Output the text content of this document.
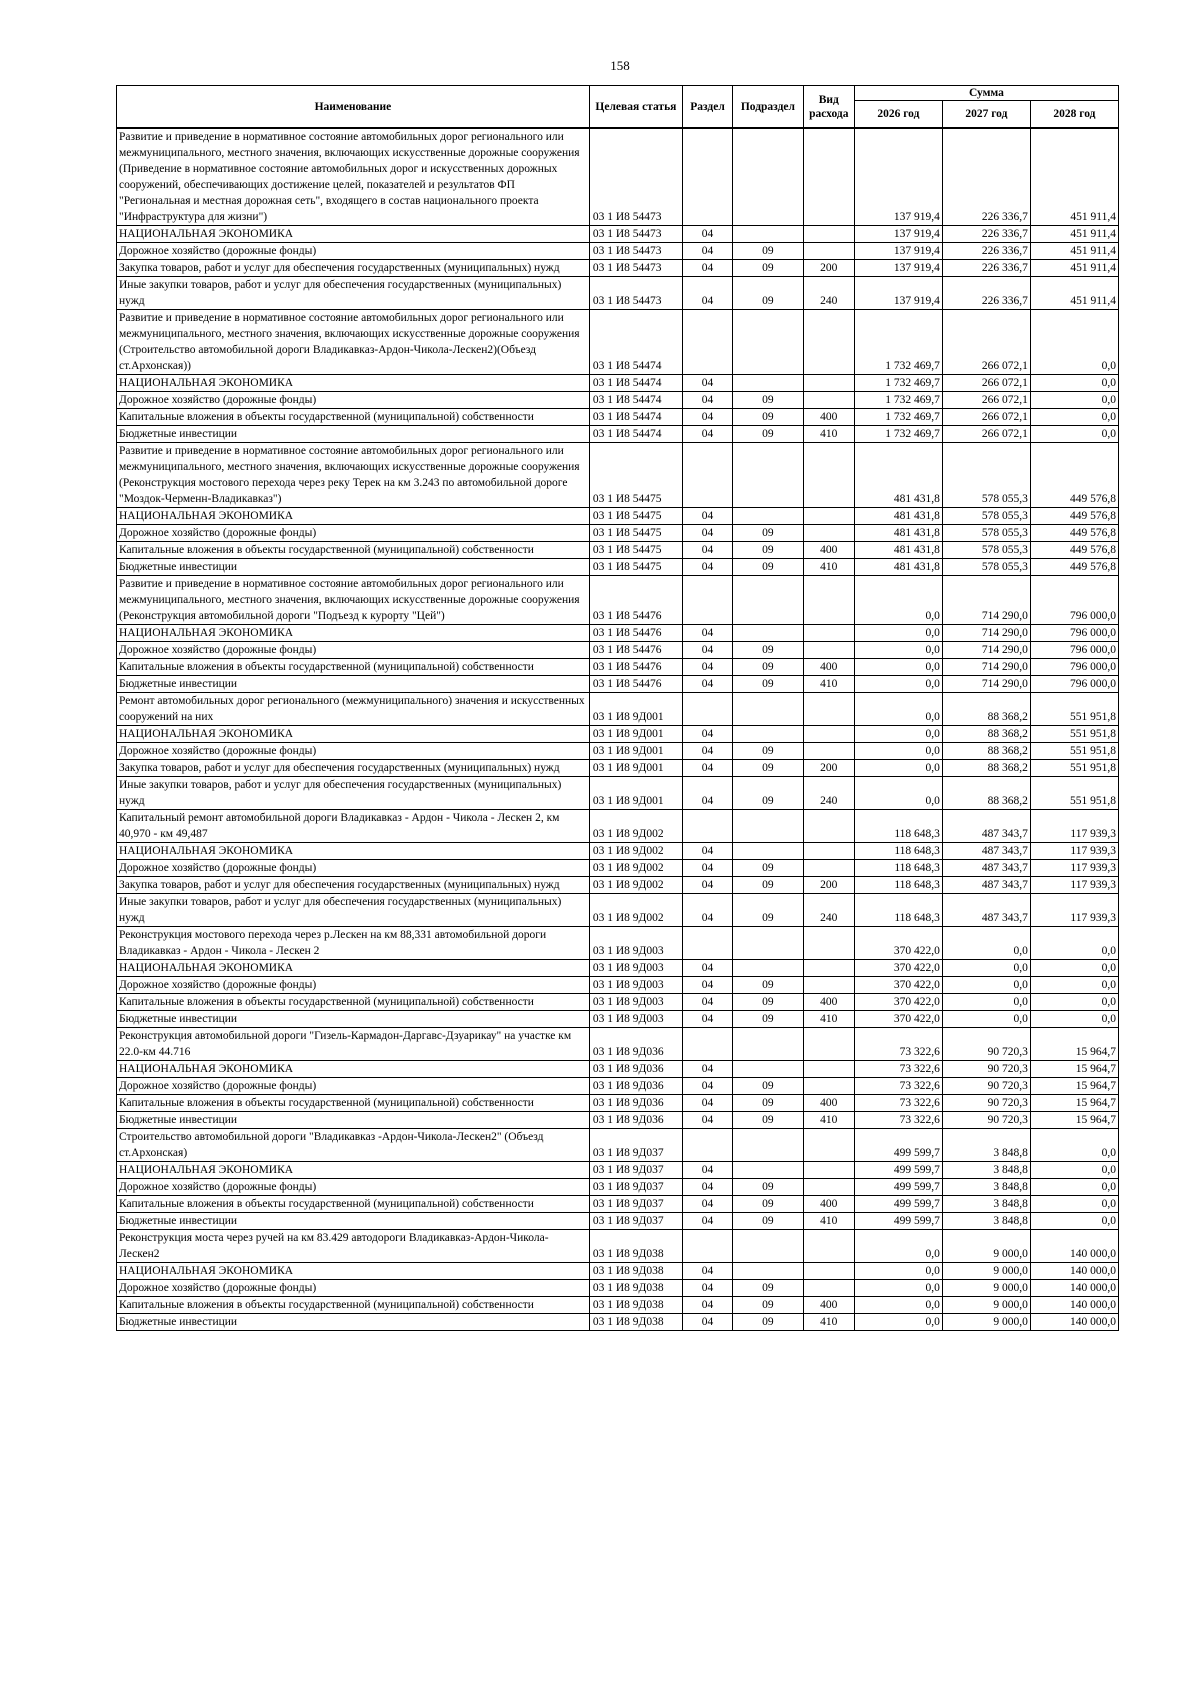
158
Наименование	Целевая статья	Раздел	Подраздел	Вид расхода	Сумма		
					2026 год	2027 год	2028 год
Развитие и приведение в нормативное состояние автомобильных дорог регионального или межмуниципального, местного значения, включающих искусственные дорожные сооружения (Приведение в нормативное состояние автомобильных дорог и искусственных дорожных сооружений, обеспечивающих достижение целей, показателей и результатов ФП "Региональная и местная дорожная сеть", входящего в состав национального проекта "Инфраструктура для жизни")	03 1 И8 54473				137 919,4	226 336,7	451 911,4
НАЦИОНАЛЬНАЯ ЭКОНОМИКА	03 1 И8 54473	04			137 919,4	226 336,7	451 911,4
Дорожное хозяйство (дорожные фонды)	03 1 И8 54473	04	09		137 919,4	226 336,7	451 911,4
Закупка товаров, работ и услуг для обеспечения государственных (муниципальных) нужд	03 1 И8 54473	04	09	200	137 919,4	226 336,7	451 911,4
Иные закупки товаров, работ и услуг для обеспечения государственных (муниципальных) нужд	03 1 И8 54473	04	09	240	137 919,4	226 336,7	451 911,4
Развитие и приведение в нормативное состояние автомобильных дорог регионального или межмуниципального, местного значения, включающих искусственные дорожные сооружения (Строительство автомобильной дороги Владикавказ-Ардон-Чикола-Лескен2)(Объезд ст.Архонская))	03 1 И8 54474				1 732 469,7	266 072,1	0,0
НАЦИОНАЛЬНАЯ ЭКОНОМИКА	03 1 И8 54474	04			1 732 469,7	266 072,1	0,0
Дорожное хозяйство (дорожные фонды)	03 1 И8 54474	04	09		1 732 469,7	266 072,1	0,0
Капитальные вложения в объекты государственной (муниципальной) собственности	03 1 И8 54474	04	09	400	1 732 469,7	266 072,1	0,0
Бюджетные инвестиции	03 1 И8 54474	04	09	410	1 732 469,7	266 072,1	0,0
Развитие и приведение в нормативное состояние автомобильных дорог регионального или межмуниципального, местного значения, включающих искусственные дорожные сооружения (Реконструкция мостового перехода через реку Терек на км 3.243 по автомобильной дороге "Моздок-Черменн-Владикавказ")	03 1 И8 54475				481 431,8	578 055,3	449 576,8
НАЦИОНАЛЬНАЯ ЭКОНОМИКА	03 1 И8 54475	04			481 431,8	578 055,3	449 576,8
Дорожное хозяйство (дорожные фонды)	03 1 И8 54475	04	09		481 431,8	578 055,3	449 576,8
Капитальные вложения в объекты государственной (муниципальной) собственности	03 1 И8 54475	04	09	400	481 431,8	578 055,3	449 576,8
Бюджетные инвестиции	03 1 И8 54475	04	09	410	481 431,8	578 055,3	449 576,8
Развитие и приведение в нормативное состояние автомобильных дорог регионального или межмуниципального, местного значения, включающих искусственные дорожные сооружения (Реконструкция автомобильной дороги "Подъезд к курорту "Цей")	03 1 И8 54476				0,0	714 290,0	796 000,0
НАЦИОНАЛЬНАЯ ЭКОНОМИКА	03 1 И8 54476	04			0,0	714 290,0	796 000,0
Дорожное хозяйство (дорожные фонды)	03 1 И8 54476	04	09		0,0	714 290,0	796 000,0
Капитальные вложения в объекты государственной (муниципальной) собственности	03 1 И8 54476	04	09	400	0,0	714 290,0	796 000,0
Бюджетные инвестиции	03 1 И8 54476	04	09	410	0,0	714 290,0	796 000,0
Ремонт автомобильных дорог регионального (межмуниципального) значения и искусственных сооружений на них	03 1 И8 9Д001				0,0	88 368,2	551 951,8
НАЦИОНАЛЬНАЯ ЭКОНОМИКА	03 1 И8 9Д001	04			0,0	88 368,2	551 951,8
Дорожное хозяйство (дорожные фонды)	03 1 И8 9Д001	04	09		0,0	88 368,2	551 951,8
Закупка товаров, работ и услуг для обеспечения государственных (муниципальных) нужд	03 1 И8 9Д001	04	09	200	0,0	88 368,2	551 951,8
Иные закупки товаров, работ и услуг для обеспечения государственных (муниципальных) нужд	03 1 И8 9Д001	04	09	240	0,0	88 368,2	551 951,8
Капитальный ремонт автомобильной дороги Владикавказ - Ардон - Чикола - Лескен 2, км 40,970 - км 49,487	03 1 И8 9Д002				118 648,3	487 343,7	117 939,3
НАЦИОНАЛЬНАЯ ЭКОНОМИКА	03 1 И8 9Д002	04			118 648,3	487 343,7	117 939,3
Дорожное хозяйство (дорожные фонды)	03 1 И8 9Д002	04	09		118 648,3	487 343,7	117 939,3
Закупка товаров, работ и услуг для обеспечения государственных (муниципальных) нужд	03 1 И8 9Д002	04	09	200	118 648,3	487 343,7	117 939,3
Иные закупки товаров, работ и услуг для обеспечения государственных (муниципальных) нужд	03 1 И8 9Д002	04	09	240	118 648,3	487 343,7	117 939,3
Реконструкция мостового перехода через р.Лескен на км 88,331 автомобильной дороги Владикавказ - Ардон - Чикола - Лескен 2	03 1 И8 9Д003				370 422,0	0,0	0,0
НАЦИОНАЛЬНАЯ ЭКОНОМИКА	03 1 И8 9Д003	04			370 422,0	0,0	0,0
Дорожное хозяйство (дорожные фонды)	03 1 И8 9Д003	04	09		370 422,0	0,0	0,0
Капитальные вложения в объекты государственной (муниципальной) собственности	03 1 И8 9Д003	04	09	400	370 422,0	0,0	0,0
Бюджетные инвестиции	03 1 И8 9Д003	04	09	410	370 422,0	0,0	0,0
Реконструкция автомобильной дороги "Гизель-Кармадон-Даргавс-Дзуарикау" на участке км 22.0-км 44.716	03 1 И8 9Д036				73 322,6	90 720,3	15 964,7
НАЦИОНАЛЬНАЯ ЭКОНОМИКА	03 1 И8 9Д036	04			73 322,6	90 720,3	15 964,7
Дорожное хозяйство (дорожные фонды)	03 1 И8 9Д036	04	09		73 322,6	90 720,3	15 964,7
Капитальные вложения в объекты государственной (муниципальной) собственности	03 1 И8 9Д036	04	09	400	73 322,6	90 720,3	15 964,7
Бюджетные инвестиции	03 1 И8 9Д036	04	09	410	73 322,6	90 720,3	15 964,7
Строительство автомобильной дороги "Владикавказ -Ардон-Чикола-Лескен2" (Объезд ст.Архонская)	03 1 И8 9Д037				499 599,7	3 848,8	0,0
НАЦИОНАЛЬНАЯ ЭКОНОМИКА	03 1 И8 9Д037	04			499 599,7	3 848,8	0,0
Дорожное хозяйство (дорожные фонды)	03 1 И8 9Д037	04	09		499 599,7	3 848,8	0,0
Капитальные вложения в объекты государственной (муниципальной) собственности	03 1 И8 9Д037	04	09	400	499 599,7	3 848,8	0,0
Бюджетные инвестиции	03 1 И8 9Д037	04	09	410	499 599,7	3 848,8	0,0
Реконструкция моста через ручей на км 83.429 автодороги Владикавказ-Ардон-Чикола-Лескен2	03 1 И8 9Д038				0,0	9 000,0	140 000,0
НАЦИОНАЛЬНАЯ ЭКОНОМИКА	03 1 И8 9Д038	04			0,0	9 000,0	140 000,0
Дорожное хозяйство (дорожные фонды)	03 1 И8 9Д038	04	09		0,0	9 000,0	140 000,0
Капитальные вложения в объекты государственной (муниципальной) собственности	03 1 И8 9Д038	04	09	400	0,0	9 000,0	140 000,0
Бюджетные инвестиции	03 1 И8 9Д038	04	09	410	0,0	9 000,0	140 000,0
